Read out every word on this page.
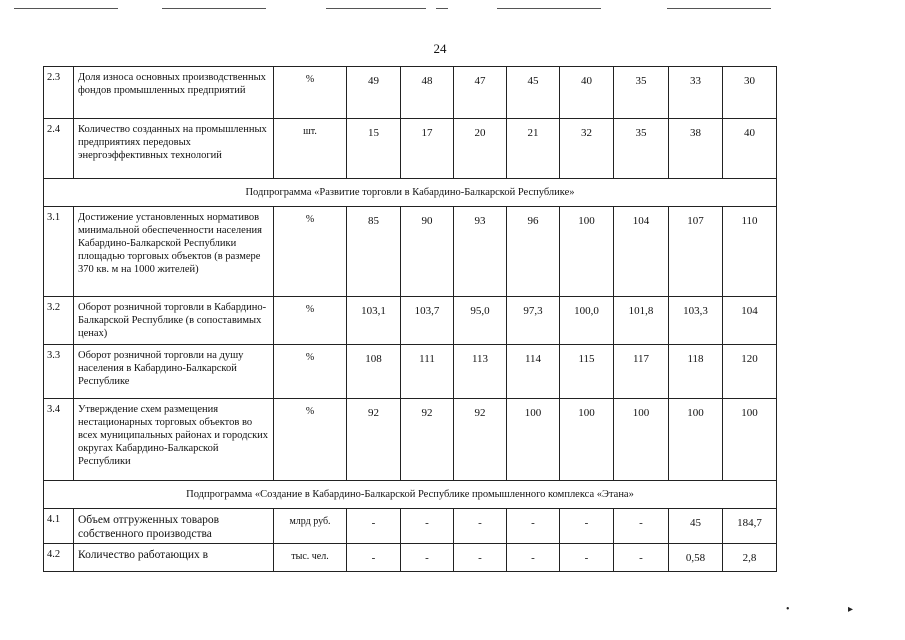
24
2.3	Доля износа основных производственных фондов промышленных предприятий	%	49	48	47	45	40	35	33	30
2.4	Количество созданных на промышленных предприятиях передовых энергоэффективных технологий	шт.	15	17	20	21	32	35	38	40
Подпрограмма «Развитие торговли в Кабардино-Балкарской Республике»										
3.1	Достижение установленных нормативов минимальной обеспеченности населения Кабардино-Балкарской Республики площадью торговых объектов (в размере 370 кв. м на 1000 жителей)	%	85	90	93	96	100	104	107	110
3.2	Оборот розничной торговли в Кабардино-Балкарской Республике (в сопоставимых ценах)	%	103,1	103,7	95,0	97,3	100,0	101,8	103,3	104
3.3	Оборот розничной торговли на душу населения в Кабардино-Балкарской Республике	%	108	111	113	114	115	117	118	120
3.4	Утверждение схем размещения нестационарных торговых объектов во всех муниципальных районах и городских округах Кабардино-Балкарской Республики	%	92	92	92	100	100	100	100	100
Подпрограмма «Создание в Кабардино-Балкарской Республике промышленного комплекса «Этана»										
4.1	Объем отгруженных товаров собственного производства	млрд руб.	-	-	-	-	-	-	45	184,7
4.2	Количество работающих в	тыс. чел.	-	-	-	-	-	-	0,58	2,8
• ▸
